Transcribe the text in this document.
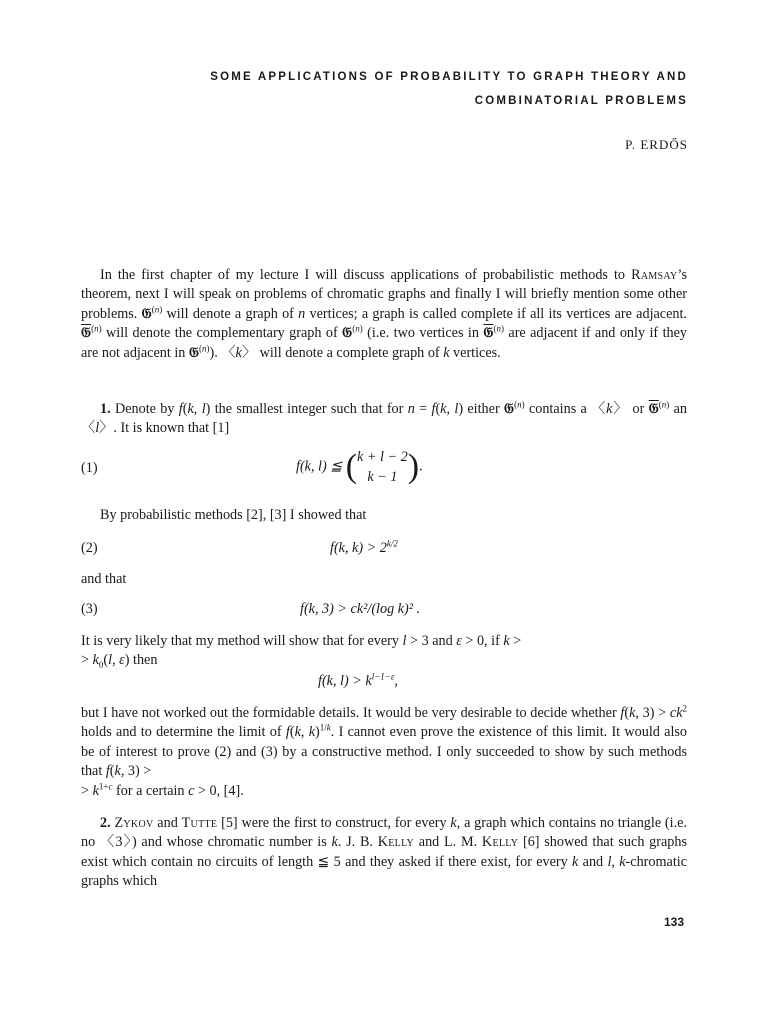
SOME APPLICATIONS OF PROBABILITY TO GRAPH THEORY AND
COMBINATORIAL PROBLEMS
P. ERDŐS

In the first chapter of my lecture I will discuss applications of probabilistic methods to Ramsay’s theorem, next I will speak on problems of chromatic graphs and finally I will briefly mention some other problems. 𝔊$^{(n)}$ will denote a graph of n vertices; a graph is called complete if all its vertices are adjacent. 𝔊$^{(n)}$ will denote the complementary graph of 𝔊$^{(n)}$ (i.e. two vertices in 𝔊$^{(n)}$ are adjacent if and only if they are not adjacent in 𝔊$^{(n)}$). 〈k〉 will denote a complete graph of k vertices.

1. Denote by f(k, l) the smallest integer such that for n = f(k, l) either 𝔊$^{(n)}$ contains a 〈k〉 or 𝔊$^{(n)}$ an 〈l〉. It is known that [1]

(1)	f(k, l) ≦ (k + l − 2
k − 1 ).

By probabilistic methods [2], [3] I showed that

(2)	f(k, $k) > 2^{k/2}$

and that

(3)	f(k, 3) > ck²/(log k)² .

It is very likely that my method will show that for every l > 3 and ε > 0, if k >
> $k_0(l$, ε) then

f(k, $l) > k^{l-1-\varepsilon}$,

but I have not worked out the formidable details. It would be very desirable to decide whether f(k, $3) > ck^2$ holds and to determine the limit of f(k, k)$^{1/k}$. I cannot even prove the existence of this limit. It would also be of interest to prove (2) and (3) by a constructive method. I only succeeded to show by such methods that f(k, 3) >
> $k^{1+c}$ for a certain c > 0, [4].

2. Zykov and Tutte [5] were the first to construct, for every k, a graph which contains no triangle (i.e. no 〈3〉) and whose chromatic number is k. J. B. Kelly and L. M. Kelly [6] showed that such graphs exist which contain no circuits of length ≦ 5 and they asked if there exist, for every k and l, k-chromatic graphs which

133
